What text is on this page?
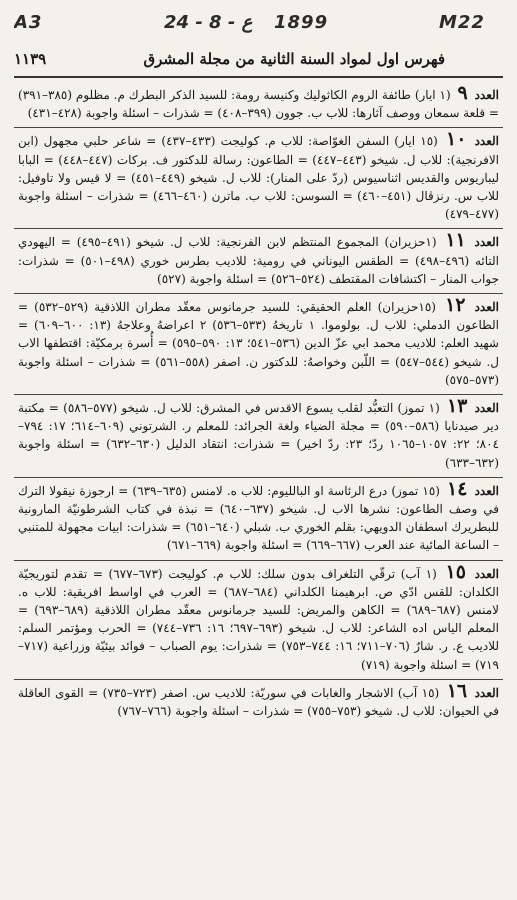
A3	24 - 8 - ع 1899	M22
فهرس اول لمواد السنة الثانية من مجلة المشرق
١١٣٩
العدد ٩ (١ ايار) طائفة الروم الكاثوليك وكنيسة رومة: للسيد الذكر البطرك م. مظلوم (٣٨٥–٣٩١) = قلعة سمعان ووصف آثارها: للاب ب. جوون (٣٩٩–٤٠٨) = شذرات – اسئلة واجوبة (٤٢٨–٤٣١)
العدد ١٠ (١٥ ايار) السفن الغوّاصة: للاب م. كوليجت (٤٣٣–٤٣٧) = شاعر حلبي مجهول (ابن الافرنجية): للاب ل. شيخو (٤٤٣–٤٤٧) = الطاعون: رسالة للدكتور ف. بركات (٤٤٧–٤٤٨) = البابا ليباريوس والقديس اثناسيوس (ردّ على المنار): للاب ل. شيخو (٤٤٩–٤٥١) = لا قيس ولا تاوفيل: للاب س. رنزڤال (٤٥١–٤٦٠) = السوسن: للاب ب. ماترن (٤٦٠–٤٦٦) = شذرات – اسئلة واجوبة (٤٧٧–٤٧٩)
العدد ١١ (١حزيران) المجموع المنتظم لابن الفرنجية: للاب ل. شيخو (٤٩١–٤٩٥) = اليهودي التائه (٤٩٦–٤٩٨) = الطقس اليوناني في رومية: للاديب بطرس خوري (٤٩٨–٥٠١) = شذرات: جواب المنار – اكتشافات المقتطف (٥٢٤–٥٢٦) = اسئلة واجوبة (٥٢٧)
العدد ١٢ (١٥حزيران) العلم الحقيقي: للسيد جرمانوس معقّد مطران اللاذقية (٥٢٩–٥٣٢) = الطاعون الدملي: للاب ل. بولوموا. ١ تاريخهُ (٥٣٣–٥٣٦) ٢ اعراضهُ وعلاجهُ (١٣: ٦٠٠–٦٠٩) = شهيد العلم: للاديب محمد ابي عزّ الدين (٥٣٦–٥٤١؛ ١٣: ٥٩٠–٥٩٥) = أُسرة برمكيّة: اقتطفها الاب ل. شيخو (٥٤٤–٥٤٧) = اللّبن وخواصهُ: للدكتور ن. اصفر (٥٥٨–٥٦١) = شذرات – اسئلة واجوبة (٥٧٣–٥٧٥)
العدد ١٣ (١ تموز) التعبُّد لقلب يسوع الاقدس في المشرق: للاب ل. شيخو (٥٧٧–٥٨٦) = مكتبة دير صيدنايا (٥٨٦–٥٩٠) = مجلة الضياء ولغة الجرائد: للمعلم ر. الشرتوني (٦٠٩–٦١٤؛ ١٧: ٧٩٤–٨٠٤؛ ٢٢: ١٠٥٧–١٠٦٥ ردّ؛ ٢٣: ردّ اخير) = شذرات: انتقاد الدليل (٦٣٠–٦٣٢) = اسئلة واجوبة (٦٣٢–٦٣٣)
العدد ١٤ (١٥ تموز) درع الرئاسة او البالليوم: للاب ه. لامنس (٦٣٥–٦٣٩) = ارجوزة نيقولا الترك في وصف الطاعون: نشرها الاب ل. شيخو (٦٣٧–٦٤٠) = نبذة في كتاب الشرطونيّة المارونية للبطريرك اسطفان الدويهي: بقلم الخوري ب. شبلي (٦٤٠–٦٥١) = شذرات: ابيات مجهولة للمتنبي – الساعة المائية عند العرب (٦٦٧–٦٦٩) = اسئلة واجوبة (٦٦٩–٦٧١)
العدد ١٥ (١ آب) ترقّي التلغراف بدون سلك: للاب م. كوليجت (٦٧٣–٦٧٧) = تقدم لتوريجيّة الكلدان: للقس ادّي ص. ابرهيمنا الكلداني (٦٨٤–٦٨٧) = العرب في اواسط افريقية: للاب ه. لامنس (٦٨٧–٦٨٩) = الكاهن والمريض: للسيد جرمانوس معقّد مطران اللاذقية (٦٨٩–٦٩٣) = المعلم الياس اده الشاعر: للاب ل. شيخو (٦٩٣–٦٩٧؛ ١٦: ٧٣٦–٧٤٤) = الحرب ومؤتمر السلم: للاديب ع. ر. شارٌ (٧٠٦–٧١١؛ ١٦: ٧٤٤–٧٥٣) = شذرات: يوم الصباب – فوائد بيئيّة وزراعية (٧١٧–٧١٩) = اسئلة واجوبة (٧١٩)
العدد ١٦ (١٥ آب) الاشجار والغابات في سوريّة: للاديب س. اصفر (٧٢٣–٧٣٥) = القوى العاقلة في الحيوان: للاب ل. شيخو (٧٥٣–٧٥٥) = شذرات – اسئلة واجوبة (٧٦٦–٧٦٧)
